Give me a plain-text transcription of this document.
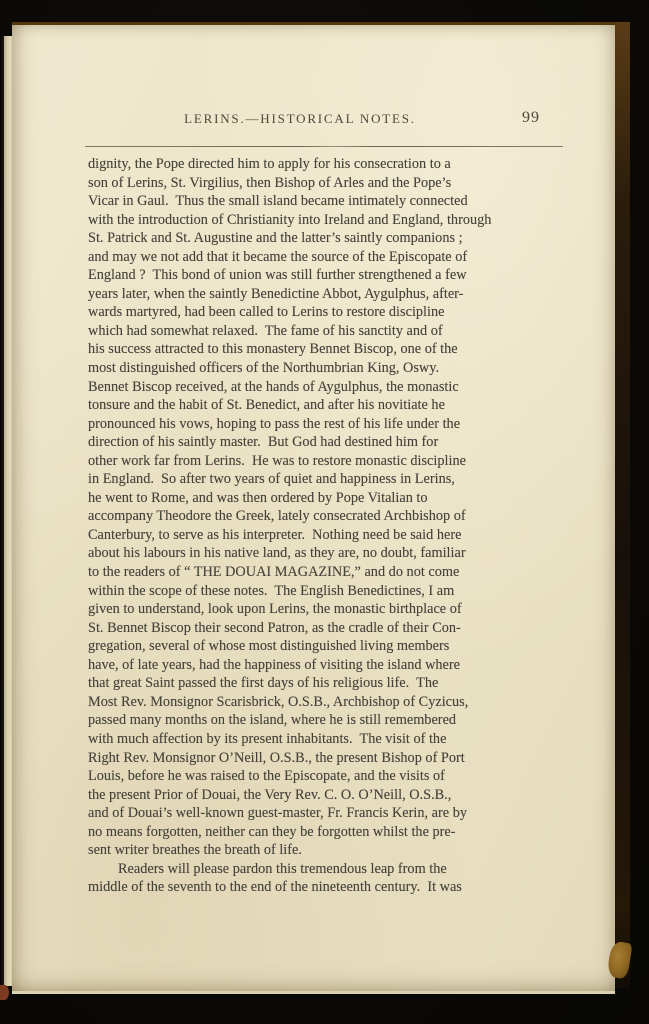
LERINS.—HISTORICAL NOTES.	99
dignity, the Pope directed him to apply for his consecration to a
son of Lerins, St. Virgilius, then Bishop of Arles and the Pope’s
Vicar in Gaul.  Thus the small island became intimately connected
with the introduction of Christianity into Ireland and England, through
St. Patrick and St. Augustine and the latter’s saintly companions ;
and may we not add that it became the source of the Episcopate of
England ?  This bond of union was still further strengthened a few
years later, when the saintly Benedictine Abbot, Aygulphus, after-
wards martyred, had been called to Lerins to restore discipline
which had somewhat relaxed.  The fame of his sanctity and of
his success attracted to this monastery Bennet Biscop, one of the
most distinguished officers of the Northumbrian King, Oswy.
Bennet Biscop received, at the hands of Aygulphus, the monastic
tonsure and the habit of St. Benedict, and after his novitiate he
pronounced his vows, hoping to pass the rest of his life under the
direction of his saintly master.  But God had destined him for
other work far from Lerins.  He was to restore monastic discipline
in England.  So after two years of quiet and happiness in Lerins,
he went to Rome, and was then ordered by Pope Vitalian to
accompany Theodore the Greek, lately consecrated Archbishop of
Canterbury, to serve as his interpreter.  Nothing need be said here
about his labours in his native land, as they are, no doubt, familiar
to the readers of “ THE DOUAI MAGAZINE,” and do not come
within the scope of these notes.  The English Benedictines, I am
given to understand, look upon Lerins, the monastic birthplace of
St. Bennet Biscop their second Patron, as the cradle of their Con-
gregation, several of whose most distinguished living members
have, of late years, had the happiness of visiting the island where
that great Saint passed the first days of his religious life.  The
Most Rev. Monsignor Scarisbrick, O.S.B., Archbishop of Cyzicus,
passed many months on the island, where he is still remembered
with much affection by its present inhabitants.  The visit of the
Right Rev. Monsignor O’Neill, O.S.B., the present Bishop of Port
Louis, before he was raised to the Episcopate, and the visits of
the present Prior of Douai, the Very Rev. C. O. O’Neill, O.S.B.,
and of Douai’s well-known guest-master, Fr. Francis Kerin, are by
no means forgotten, neither can they be forgotten whilst the pre-
sent writer breathes the breath of life.
Readers will please pardon this tremendous leap from the
middle of the seventh to the end of the nineteenth century.  It was
